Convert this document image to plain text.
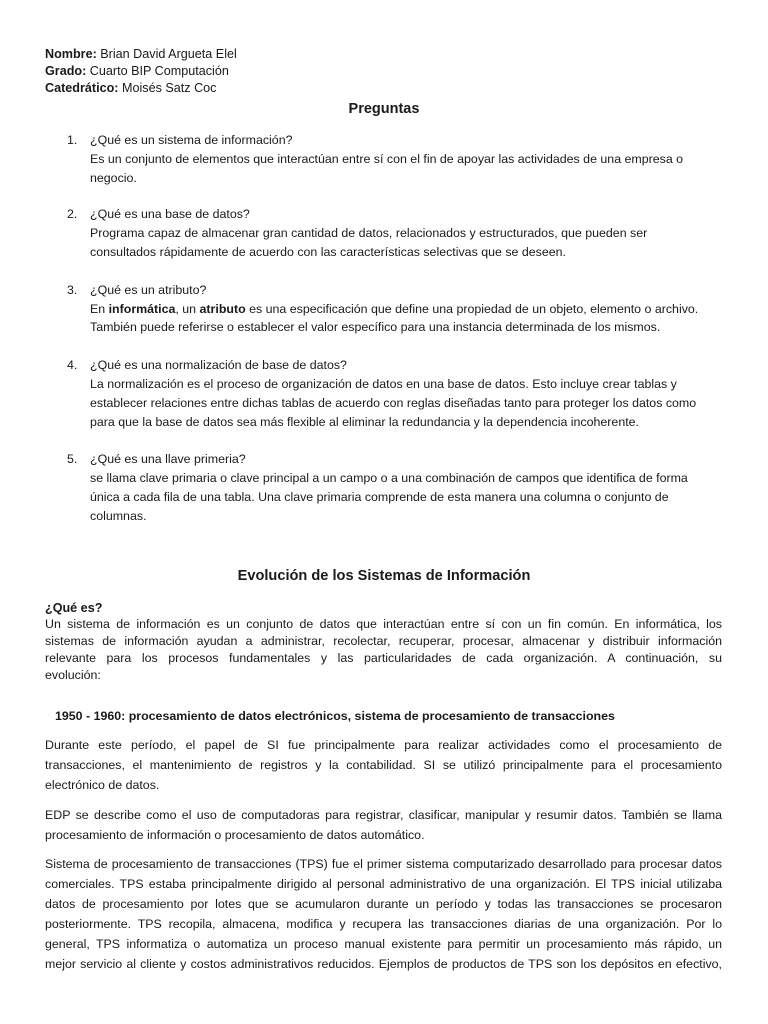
Nombre: Brian David Argueta Elel
Grado: Cuarto BIP Computación
Catedrático: Moisés Satz Coc
Preguntas
1. ¿Qué es un sistema de información?
Es un conjunto de elementos que interactúan entre sí con el fin de apoyar las actividades de una empresa o
negocio.
2. ¿Qué es una base de datos?
Programa capaz de almacenar gran cantidad de datos, relacionados y estructurados, que pueden ser
consultados rápidamente de acuerdo con las características selectivas que se deseen.
3. ¿Qué es un atributo?
En informática, un atributo es una especificación que define una propiedad de un objeto, elemento o archivo.
También puede referirse o establecer el valor específico para una instancia determinada de los mismos.
4. ¿Qué es una normalización de base de datos?
La normalización es el proceso de organización de datos en una base de datos. Esto incluye crear tablas y
establecer relaciones entre dichas tablas de acuerdo con reglas diseñadas tanto para proteger los datos como
para que la base de datos sea más flexible al eliminar la redundancia y la dependencia incoherente.
5. ¿Qué es una llave primeria?
se llama clave primaria o clave principal a un campo o a una combinación de campos que identifica de forma
única a cada fila de una tabla. Una clave primaria comprende de esta manera una columna o conjunto de
columnas.
Evolución de los Sistemas de Información
¿Qué es?
Un sistema de información es un conjunto de datos que interactúan entre sí con un fin común. En informática, los
sistemas de información ayudan a administrar, recolectar, recuperar, procesar, almacenar y distribuir información
relevante para los procesos fundamentales y las particularidades de cada organización. A continuación, su
evolución:
1950 - 1960: procesamiento de datos electrónicos, sistema de procesamiento de transacciones
Durante este período, el papel de SI fue principalmente para realizar actividades como el procesamiento de
transacciones, el mantenimiento de registros y la contabilidad. SI se utilizó principalmente para el procesamiento
electrónico de datos.
EDP se describe como el uso de computadoras para registrar, clasificar, manipular y resumir datos. También se llama
procesamiento de información o procesamiento de datos automático.
Sistema de procesamiento de transacciones (TPS) fue el primer sistema computarizado desarrollado para procesar datos
comerciales. TPS estaba principalmente dirigido al personal administrativo de una organización. El TPS inicial utilizaba
datos de procesamiento por lotes que se acumularon durante un período y todas las transacciones se procesaron
posteriormente. TPS recopila, almacena, modifica y recupera las transacciones diarias de una organización. Por lo
general, TPS informatiza o automatiza un proceso manual existente para permitir un procesamiento más rápido, un
mejor servicio al cliente y costos administrativos reducidos. Ejemplos de productos de TPS son los depósitos en efectivo,
